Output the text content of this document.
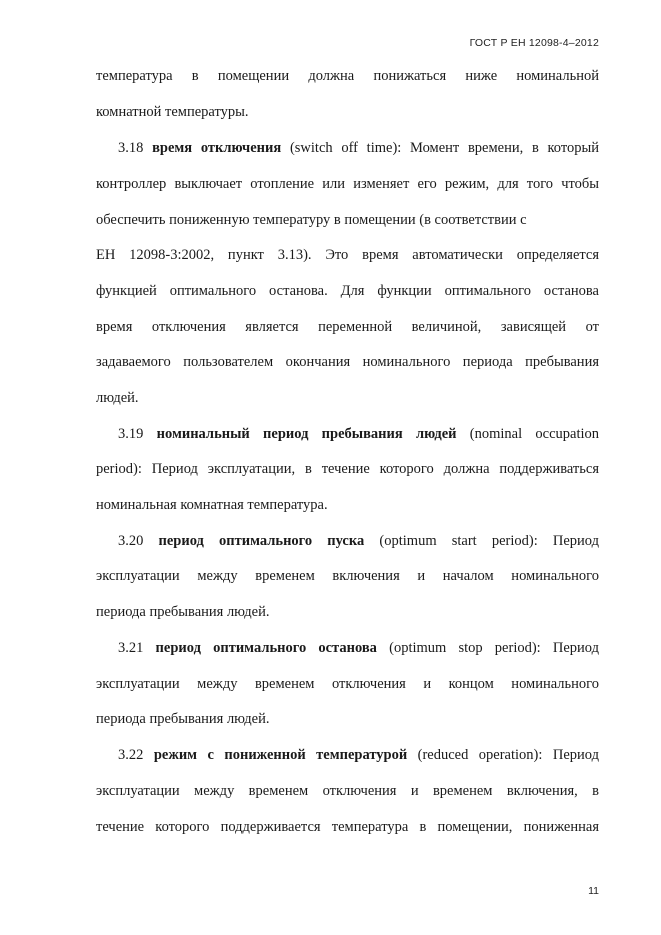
ГОСТ Р ЕН 12098-4–2012
температура в помещении должна понижаться ниже номинальной
комнатной температуры.
3.18 время отключения (switch off time): Момент времени, в который
контроллер выключает отопление или изменяет его режим, для того чтобы
обеспечить пониженную температуру в помещении (в соответствии с
ЕН 12098-3:2002, пункт 3.13). Это время автоматически определяется
функцией оптимального останова. Для функции оптимального останова
время отключения является переменной величиной, зависящей от
задаваемого пользователем окончания номинального периода пребывания
людей.
3.19 номинальный период пребывания людей (nominal occupation
period): Период эксплуатации, в течение которого должна поддерживаться
номинальная комнатная температура.
3.20 период оптимального пуска (optimum start period): Период
эксплуатации между временем включения и началом номинального
периода пребывания людей.
3.21 период оптимального останова (optimum stop period): Период
эксплуатации между временем отключения и концом номинального
периода пребывания людей.
3.22 режим с пониженной температурой (reduced operation): Период
эксплуатации между временем отключения и временем включения, в
течение которого поддерживается температура в помещении, пониженная
11
